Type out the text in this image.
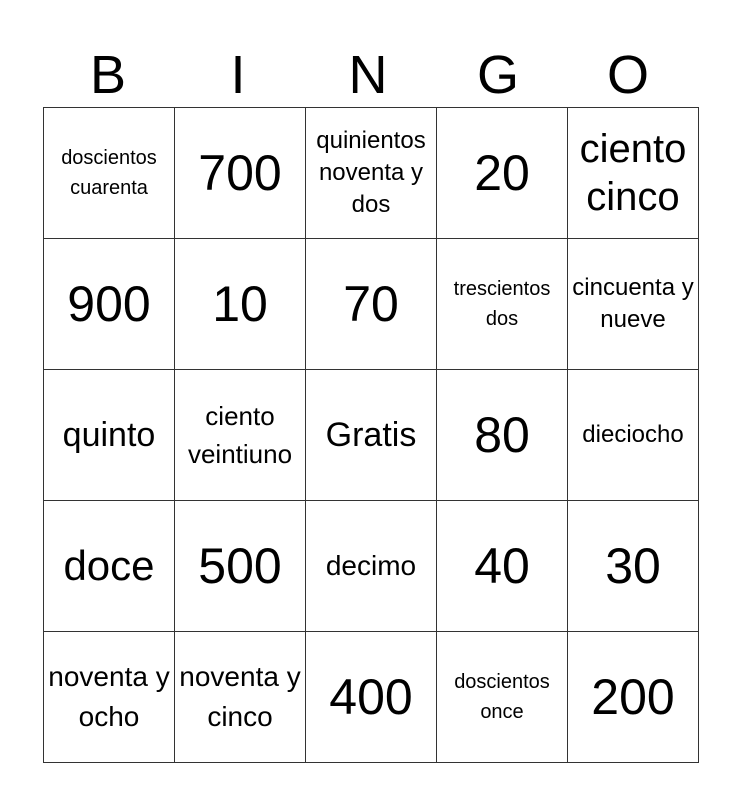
B	I	N	G	O
doscientos cuarenta	700	quinientos noventa y dos	20	ciento cinco

900	10	70	trescientos dos	cincuenta y nueve

quinto	ciento veintiuno	Gratis	80	dieciocho

doce	500	decimo	40	30

noventa y ocho	noventa y cinco	400	doscientos once	200
